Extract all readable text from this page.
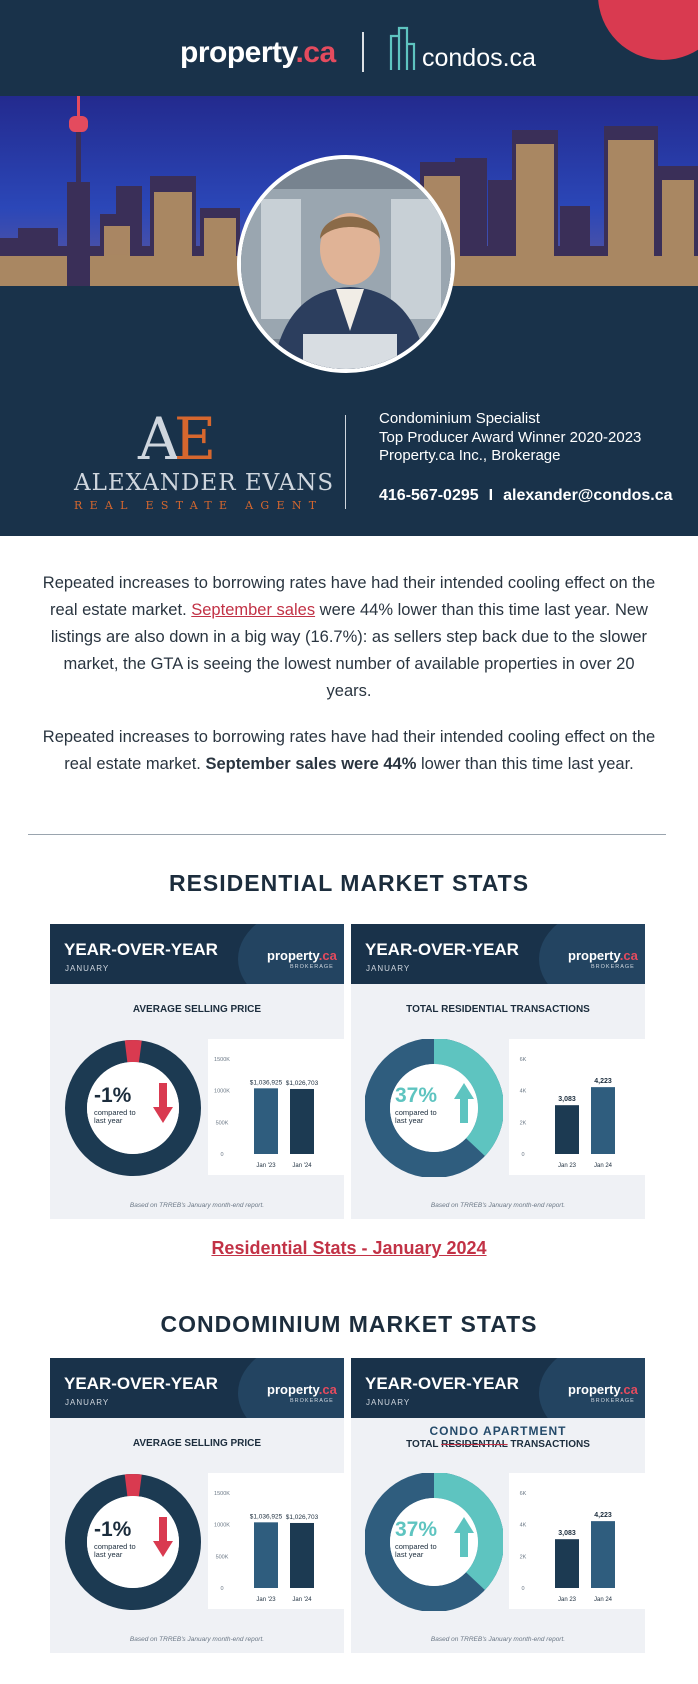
property.ca	condos.ca
AE
ALEXANDER EVANS
REAL ESTATE AGENT
Condominium Specialist
Top Producer Award Winner 2020-2023
Property.ca Inc., Brokerage
416-567-0295 I alexander@condos.ca
Repeated increases to borrowing rates have had their intended cooling effect on the real estate market. September sales were 44% lower than this time last year. New listings are also down in a big way (16.7%): as sellers step back due to the slower market, the GTA is seeing the lowest number of available properties in over 20 years.
Repeated increases to borrowing rates have had their intended cooling effect on the real estate market. September sales were 44% lower than this time last year.
RESIDENTIAL MARKET STATS
YEAR-OVER-YEAR
JANUARY
property.ca
BROKERAGE
AVERAGE SELLING PRICE
-1%
compared to
last year
1500K
1000K
500K
0
$1,036,925
Jan '23
$1,026,703
Jan '24
Based on TRREB's January month-end report.
YEAR-OVER-YEAR
JANUARY
property.ca
BROKERAGE
TOTAL RESIDENTIAL TRANSACTIONS
37%
compared to
last year
6K
4K
2K
0
3,083
Jan 23
4,223
Jan 24
Based on TRREB's January month-end report.
YEAR-OVER-YEAR
JANUARY
property.ca
BROKERAGE
AVERAGE SELLING PRICE
-1%
compared to
last year
1500K
1000K
500K
0
$1,036,925
Jan '23
$1,026,703
Jan '24
Based on TRREB's January month-end report.
YEAR-OVER-YEAR
JANUARY
property.ca
BROKERAGE
CONDO APARTMENT
TOTAL RESIDENTIAL TRANSACTIONS
37%
compared to
last year
6K
4K
2K
0
3,083
Jan 23
4,223
Jan 24
Based on TRREB's January month-end report.
Residential Stats - January 2024
CONDOMINIUM MARKET STATS
